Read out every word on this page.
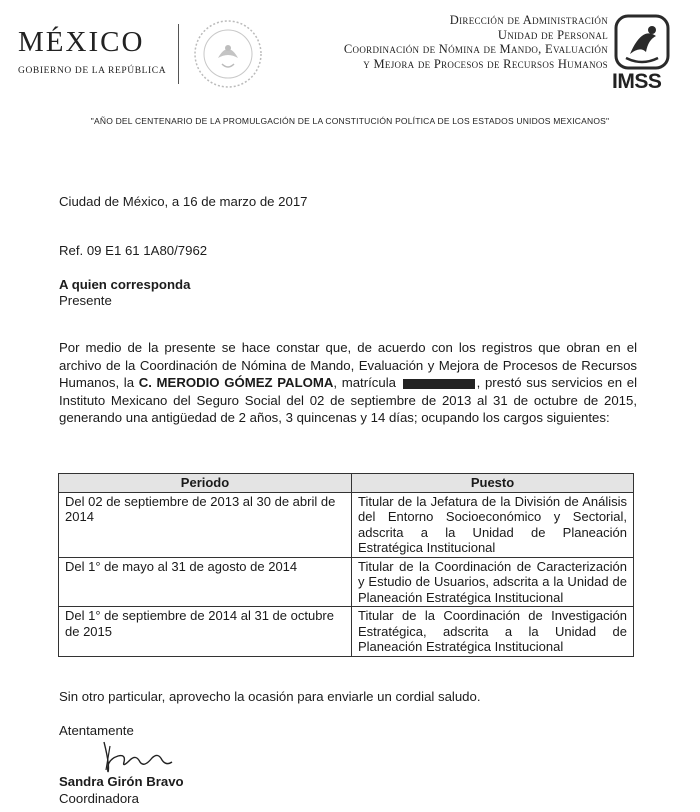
MÉXICO
GOBIERNO DE LA REPÚBLICA
Dirección de Administración
Unidad de Personal
Coordinación de Nómina de Mando, Evaluación
y Mejora de Procesos de Recursos Humanos
IMSS
"AÑO DEL CENTENARIO DE LA PROMULGACIÓN DE LA CONSTITUCIÓN POLÍTICA DE LOS ESTADOS UNIDOS MEXICANOS"
Ciudad de México, a 16 de marzo de 2017
Ref. 09 E1 61 1A80/7962
A quien corresponda
Presente
Por medio de la presente se hace constar que, de acuerdo con los registros que obran en el archivo de la Coordinación de Nómina de Mando, Evaluación y Mejora de Procesos de Recursos Humanos, la C. MERODIO GÓMEZ PALOMA, matrícula	, prestó sus servicios en el Instituto Mexicano del Seguro Social del 02 de septiembre de 2013 al 31 de octubre de 2015, generando una antigüedad de 2 años, 3 quincenas y 14 días; ocupando los cargos siguientes:
Periodo	Puesto
Del 02 de septiembre de 2013 al 30 de abril de 2014	Titular de la Jefatura de la División de Análisis del Entorno Socioeconómico y Sectorial, adscrita a la Unidad de Planeación Estratégica Institucional
Del 1° de mayo al 31 de agosto de 2014	Titular de la Coordinación de Caracterización y Estudio de Usuarios, adscrita a la Unidad de Planeación Estratégica Institucional
Del 1° de septiembre de 2014 al 31 de octubre de 2015	Titular de la Coordinación de Investigación Estratégica, adscrita a la Unidad de Planeación Estratégica Institucional
Sin otro particular, aprovecho la ocasión para enviarle un cordial saludo.
Atentamente
Sandra Girón Bravo
Coordinadora
